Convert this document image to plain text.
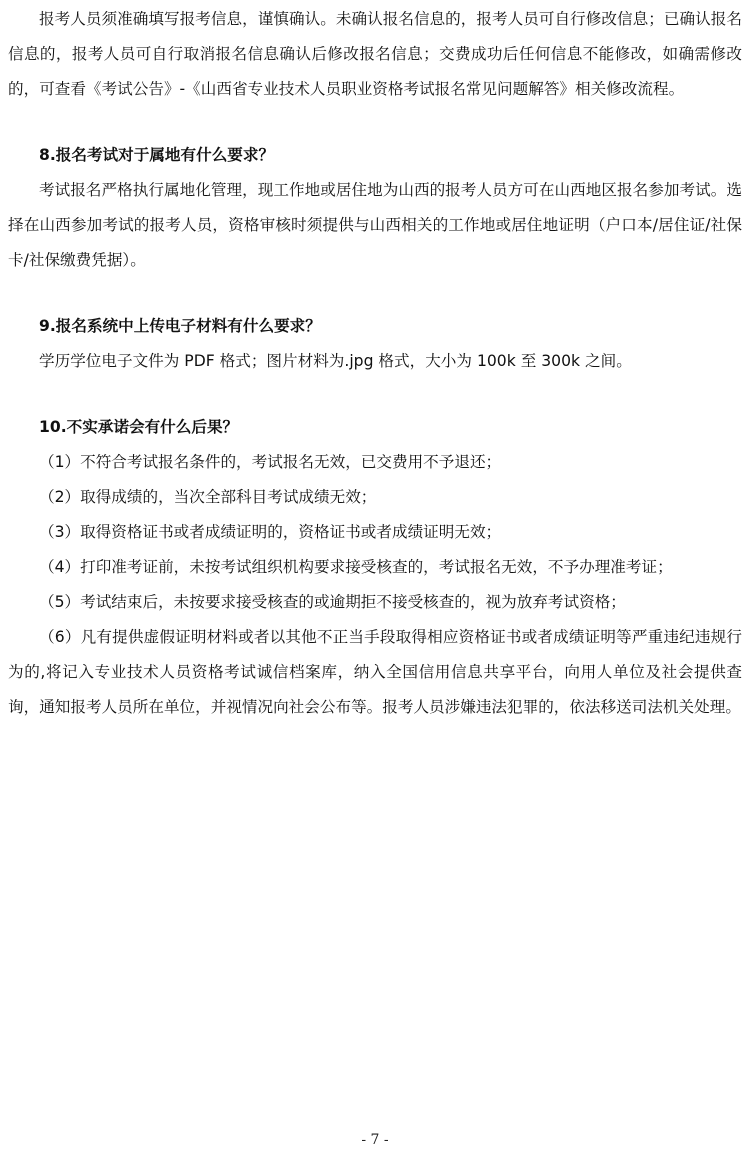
报考人员须准确填写报考信息，谨慎确认。未确认报名信息的，报考人员可自行修改信息；已确认报名信息的，报考人员可自行取消报名信息确认后修改报名信息；交费成功后任何信息不能修改，如确需修改的，可查看《考试公告》-《山西省专业技术人员职业资格考试报名常见问题解答》相关修改流程。

8.报名考试对于属地有什么要求？

考试报名严格执行属地化管理，现工作地或居住地为山西的报考人员方可在山西地区报名参加考试。选择在山西参加考试的报考人员，资格审核时须提供与山西相关的工作地或居住地证明（户口本/居住证/社保卡/社保缴费凭据）。

9.报名系统中上传电子材料有什么要求？

学历学位电子文件为 PDF 格式；图片材料为.jpg 格式，大小为 100k 至 300k 之间。

10.不实承诺会有什么后果？

（1）不符合考试报名条件的，考试报名无效，已交费用不予退还；

（2）取得成绩的，当次全部科目考试成绩无效；

（3）取得资格证书或者成绩证明的，资格证书或者成绩证明无效；

（4）打印准考证前，未按考试组织机构要求接受核查的，考试报名无效，不予办理准考证；

（5）考试结束后，未按要求接受核查的或逾期拒不接受核查的，视为放弃考试资格；

（6）凡有提供虚假证明材料或者以其他不正当手段取得相应资格证书或者成绩证明等严重违纪违规行为的,将记入专业技术人员资格考试诚信档案库，纳入全国信用信息共享平台，向用人单位及社会提供查询，通知报考人员所在单位，并视情况向社会公布等。报考人员涉嫌违法犯罪的，依法移送司法机关处理。

- 7 -
